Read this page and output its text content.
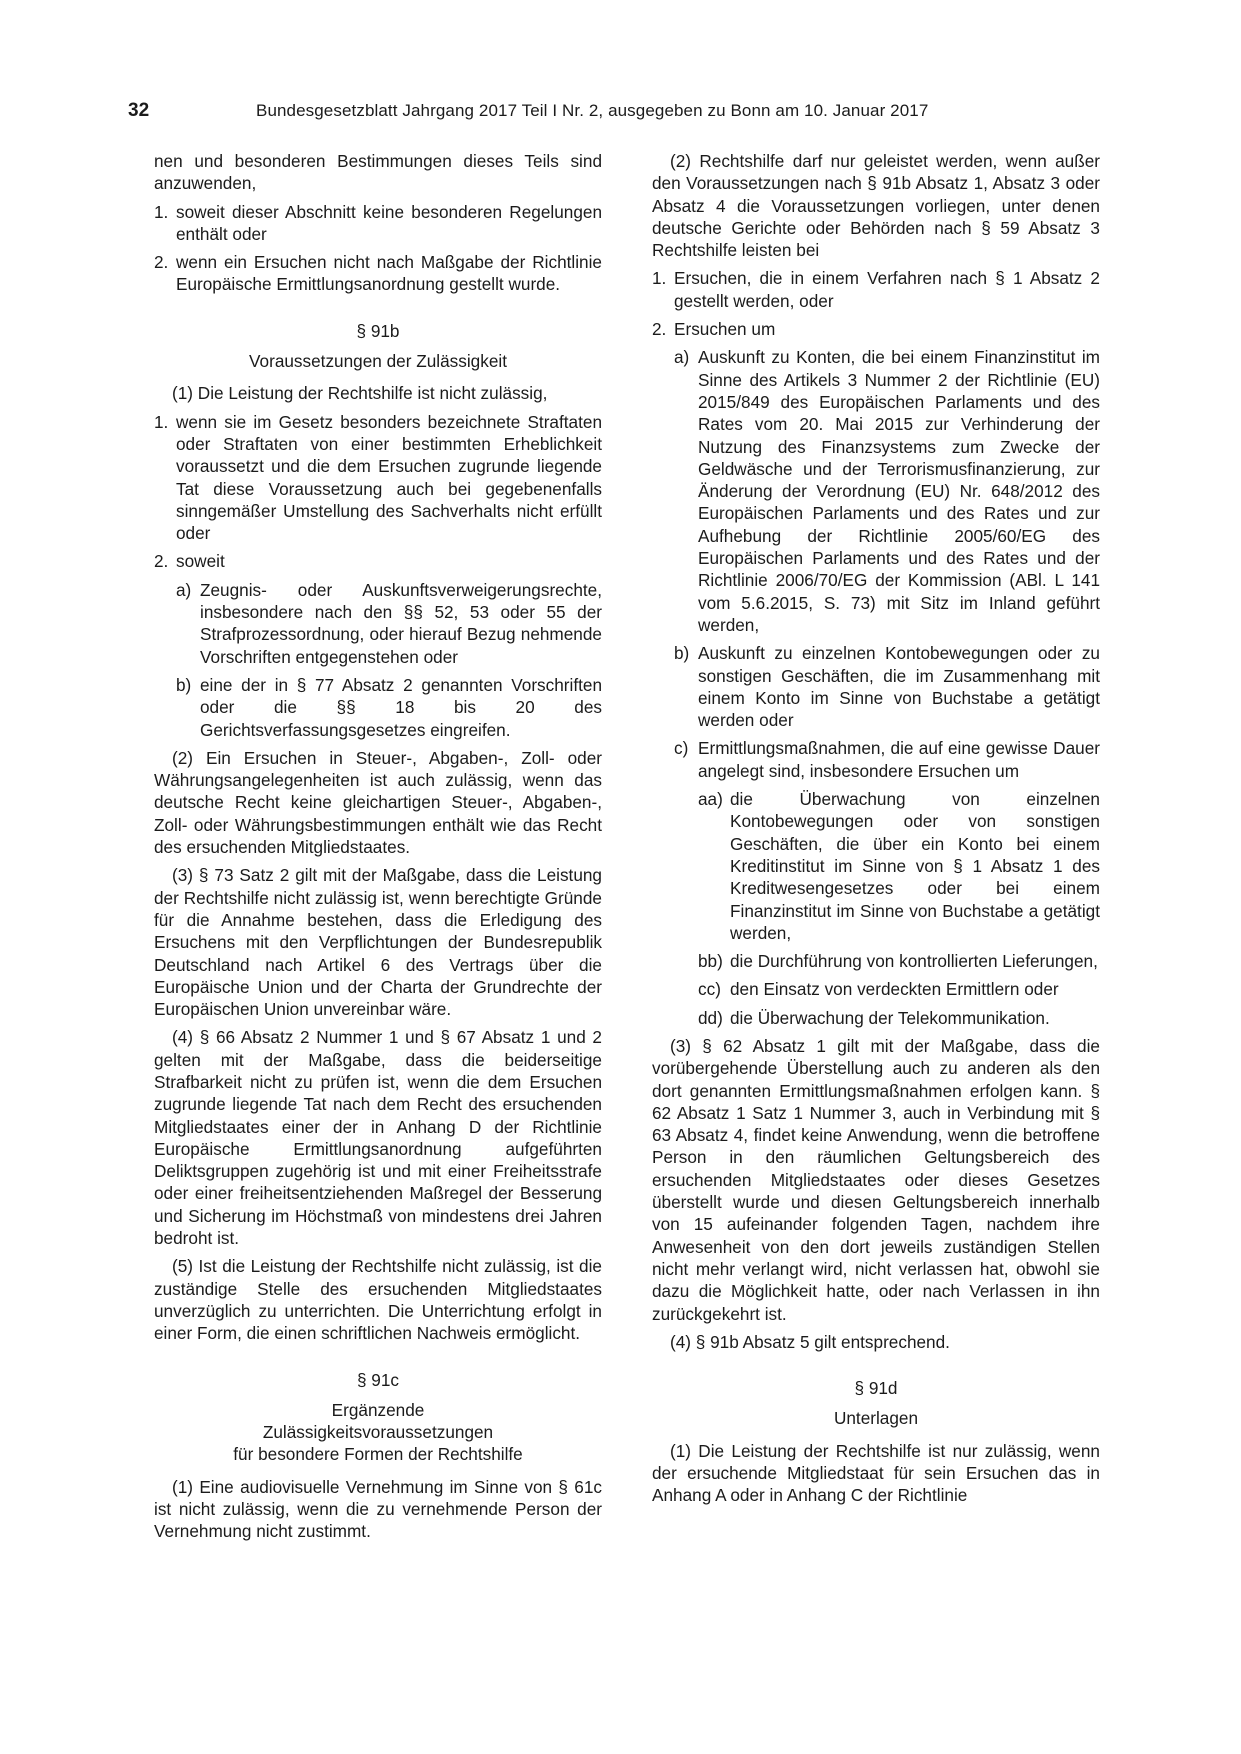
32	Bundesgesetzblatt Jahrgang 2017 Teil I Nr. 2, ausgegeben zu Bonn am 10. Januar 2017

nen und besonderen Bestimmungen dieses Teils sind anzuwenden,

1. soweit dieser Abschnitt keine besonderen Regelungen enthält oder
2. wenn ein Ersuchen nicht nach Maßgabe der Richtlinie Europäische Ermittlungsanordnung gestellt wurde.

§ 91b

Voraussetzungen der Zulässigkeit

(1) Die Leistung der Rechtshilfe ist nicht zulässig,

1. wenn sie im Gesetz besonders bezeichnete Straftaten oder Straftaten von einer bestimmten Erheblichkeit voraussetzt und die dem Ersuchen zugrunde liegende Tat diese Voraussetzung auch bei gegebenenfalls sinngemäßer Umstellung des Sachverhalts nicht erfüllt oder
2. soweit
a) Zeugnis- oder Auskunftsverweigerungsrechte, insbesondere nach den §§ 52, 53 oder 55 der Strafprozessordnung, oder hierauf Bezug nehmende Vorschriften entgegenstehen oder
b) eine der in § 77 Absatz 2 genannten Vorschriften oder die §§ 18 bis 20 des Gerichtsverfassungsgesetzes eingreifen.

(2) Ein Ersuchen in Steuer-, Abgaben-, Zoll- oder Währungsangelegenheiten ist auch zulässig, wenn das deutsche Recht keine gleichartigen Steuer-, Abgaben-, Zoll- oder Währungsbestimmungen enthält wie das Recht des ersuchenden Mitgliedstaates.

(3) § 73 Satz 2 gilt mit der Maßgabe, dass die Leistung der Rechtshilfe nicht zulässig ist, wenn berechtigte Gründe für die Annahme bestehen, dass die Erledigung des Ersuchens mit den Verpflichtungen der Bundesrepublik Deutschland nach Artikel 6 des Vertrags über die Europäische Union und der Charta der Grundrechte der Europäischen Union unvereinbar wäre.

(4) § 66 Absatz 2 Nummer 1 und § 67 Absatz 1 und 2 gelten mit der Maßgabe, dass die beiderseitige Strafbarkeit nicht zu prüfen ist, wenn die dem Ersuchen zugrunde liegende Tat nach dem Recht des ersuchenden Mitgliedstaates einer der in Anhang D der Richtlinie Europäische Ermittlungsanordnung aufgeführten Deliktsgruppen zugehörig ist und mit einer Freiheitsstrafe oder einer freiheitsentziehenden Maßregel der Besserung und Sicherung im Höchstmaß von mindestens drei Jahren bedroht ist.

(5) Ist die Leistung der Rechtshilfe nicht zulässig, ist die zuständige Stelle des ersuchenden Mitgliedstaates unverzüglich zu unterrichten. Die Unterrichtung erfolgt in einer Form, die einen schriftlichen Nachweis ermöglicht.

§ 91c

Ergänzende

Zulässigkeitsvoraussetzungen

für besondere Formen der Rechtshilfe

(1) Eine audiovisuelle Vernehmung im Sinne von § 61c ist nicht zulässig, wenn die zu vernehmende Person der Vernehmung nicht zustimmt.

(2) Rechtshilfe darf nur geleistet werden, wenn außer den Voraussetzungen nach § 91b Absatz 1, Absatz 3 oder Absatz 4 die Voraussetzungen vorliegen, unter denen deutsche Gerichte oder Behörden nach § 59 Absatz 3 Rechtshilfe leisten bei

1. Ersuchen, die in einem Verfahren nach § 1 Absatz 2 gestellt werden, oder
2. Ersuchen um
a) Auskunft zu Konten, die bei einem Finanzinstitut im Sinne des Artikels 3 Nummer 2 der Richtlinie (EU) 2015/849 des Europäischen Parlaments und des Rates vom 20. Mai 2015 zur Verhinderung der Nutzung des Finanzsystems zum Zwecke der Geldwäsche und der Terrorismusfinanzierung, zur Änderung der Verordnung (EU) Nr. 648/2012 des Europäischen Parlaments und des Rates und zur Aufhebung der Richtlinie 2005/60/EG des Europäischen Parlaments und des Rates und der Richtlinie 2006/70/EG der Kommission (ABl. L 141 vom 5.6.2015, S. 73) mit Sitz im Inland geführt werden,
b) Auskunft zu einzelnen Kontobewegungen oder zu sonstigen Geschäften, die im Zusammenhang mit einem Konto im Sinne von Buchstabe a getätigt werden oder
c) Ermittlungsmaßnahmen, die auf eine gewisse Dauer angelegt sind, insbesondere Ersuchen um
aa) die Überwachung von einzelnen Kontobewegungen oder von sonstigen Geschäften, die über ein Konto bei einem Kreditinstitut im Sinne von § 1 Absatz 1 des Kreditwesengesetzes oder bei einem Finanzinstitut im Sinne von Buchstabe a getätigt werden,
bb) die Durchführung von kontrollierten Lieferungen,
cc) den Einsatz von verdeckten Ermittlern oder
dd) die Überwachung der Telekommunikation.

(3) § 62 Absatz 1 gilt mit der Maßgabe, dass die vorübergehende Überstellung auch zu anderen als den dort genannten Ermittlungsmaßnahmen erfolgen kann. § 62 Absatz 1 Satz 1 Nummer 3, auch in Verbindung mit § 63 Absatz 4, findet keine Anwendung, wenn die betroffene Person in den räumlichen Geltungsbereich des ersuchenden Mitgliedstaates oder dieses Gesetzes überstellt wurde und diesen Geltungsbereich innerhalb von 15 aufeinander folgenden Tagen, nachdem ihre Anwesenheit von den dort jeweils zuständigen Stellen nicht mehr verlangt wird, nicht verlassen hat, obwohl sie dazu die Möglichkeit hatte, oder nach Verlassen in ihn zurückgekehrt ist.

(4) § 91b Absatz 5 gilt entsprechend.

§ 91d

Unterlagen

(1) Die Leistung der Rechtshilfe ist nur zulässig, wenn der ersuchende Mitgliedstaat für sein Ersuchen das in Anhang A oder in Anhang C der Richtlinie
